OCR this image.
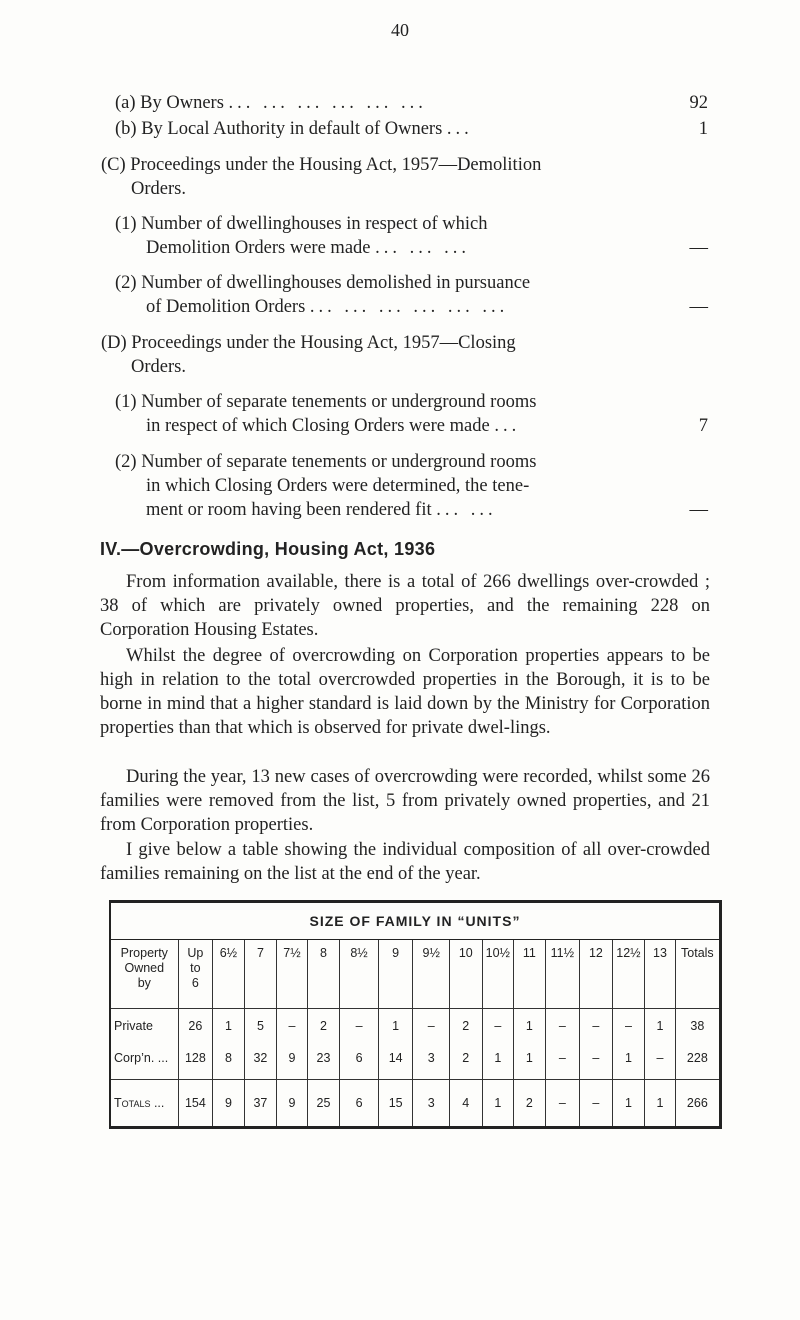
40
(a) By Owners ... ... ... ... ... ...	92
(b) By Local Authority in default of Owners ...	1
(C) Proceedings under the Housing Act, 1957—Demolition
Orders.
(1) Number of dwellinghouses in respect of which
Demolition Orders were made ... ... ...	—
(2) Number of dwellinghouses demolished in pursuance
of Demolition Orders ... ... ... ... ... ...	—
(D) Proceedings under the Housing Act, 1957—Closing
Orders.
(1) Number of separate tenements or underground rooms
in respect of which Closing Orders were made ...	7
(2) Number of separate tenements or underground rooms
in which Closing Orders were determined, the tene-
ment or room having been rendered fit ... ...	—
IV.—Overcrowding, Housing Act, 1936
From information available, there is a total of 266 dwellings over-crowded ; 38 of which are privately owned properties, and the remaining 228 on Corporation Housing Estates.
Whilst the degree of overcrowding on Corporation properties appears to be high in relation to the total overcrowded properties in the Borough, it is to be borne in mind that a higher standard is laid down by the Ministry for Corporation properties than that which is observed for private dwel-lings.
During the year, 13 new cases of overcrowding were recorded, whilst some 26 families were removed from the list, 5 from privately owned properties, and 21 from Corporation properties.
I give below a table showing the individual composition of all over-crowded families remaining on the list at the end of the year.
SIZE OF FAMILY IN “UNITS”
Property
Owned
by	Up
to
6	6½	7	7½	8	8½	9	9½	10	10½	11	11½	12	12½	13	Totals
Private	26	1	5	–	2	–	1	–	2	–	1	–	–	–	1	38
Corp’n. ...	128	8	32	9	23	6	14	3	2	1	1	–	–	1	–	228
Totals ...	154	9	37	9	25	6	15	3	4	1	2	–	–	1	1	266
